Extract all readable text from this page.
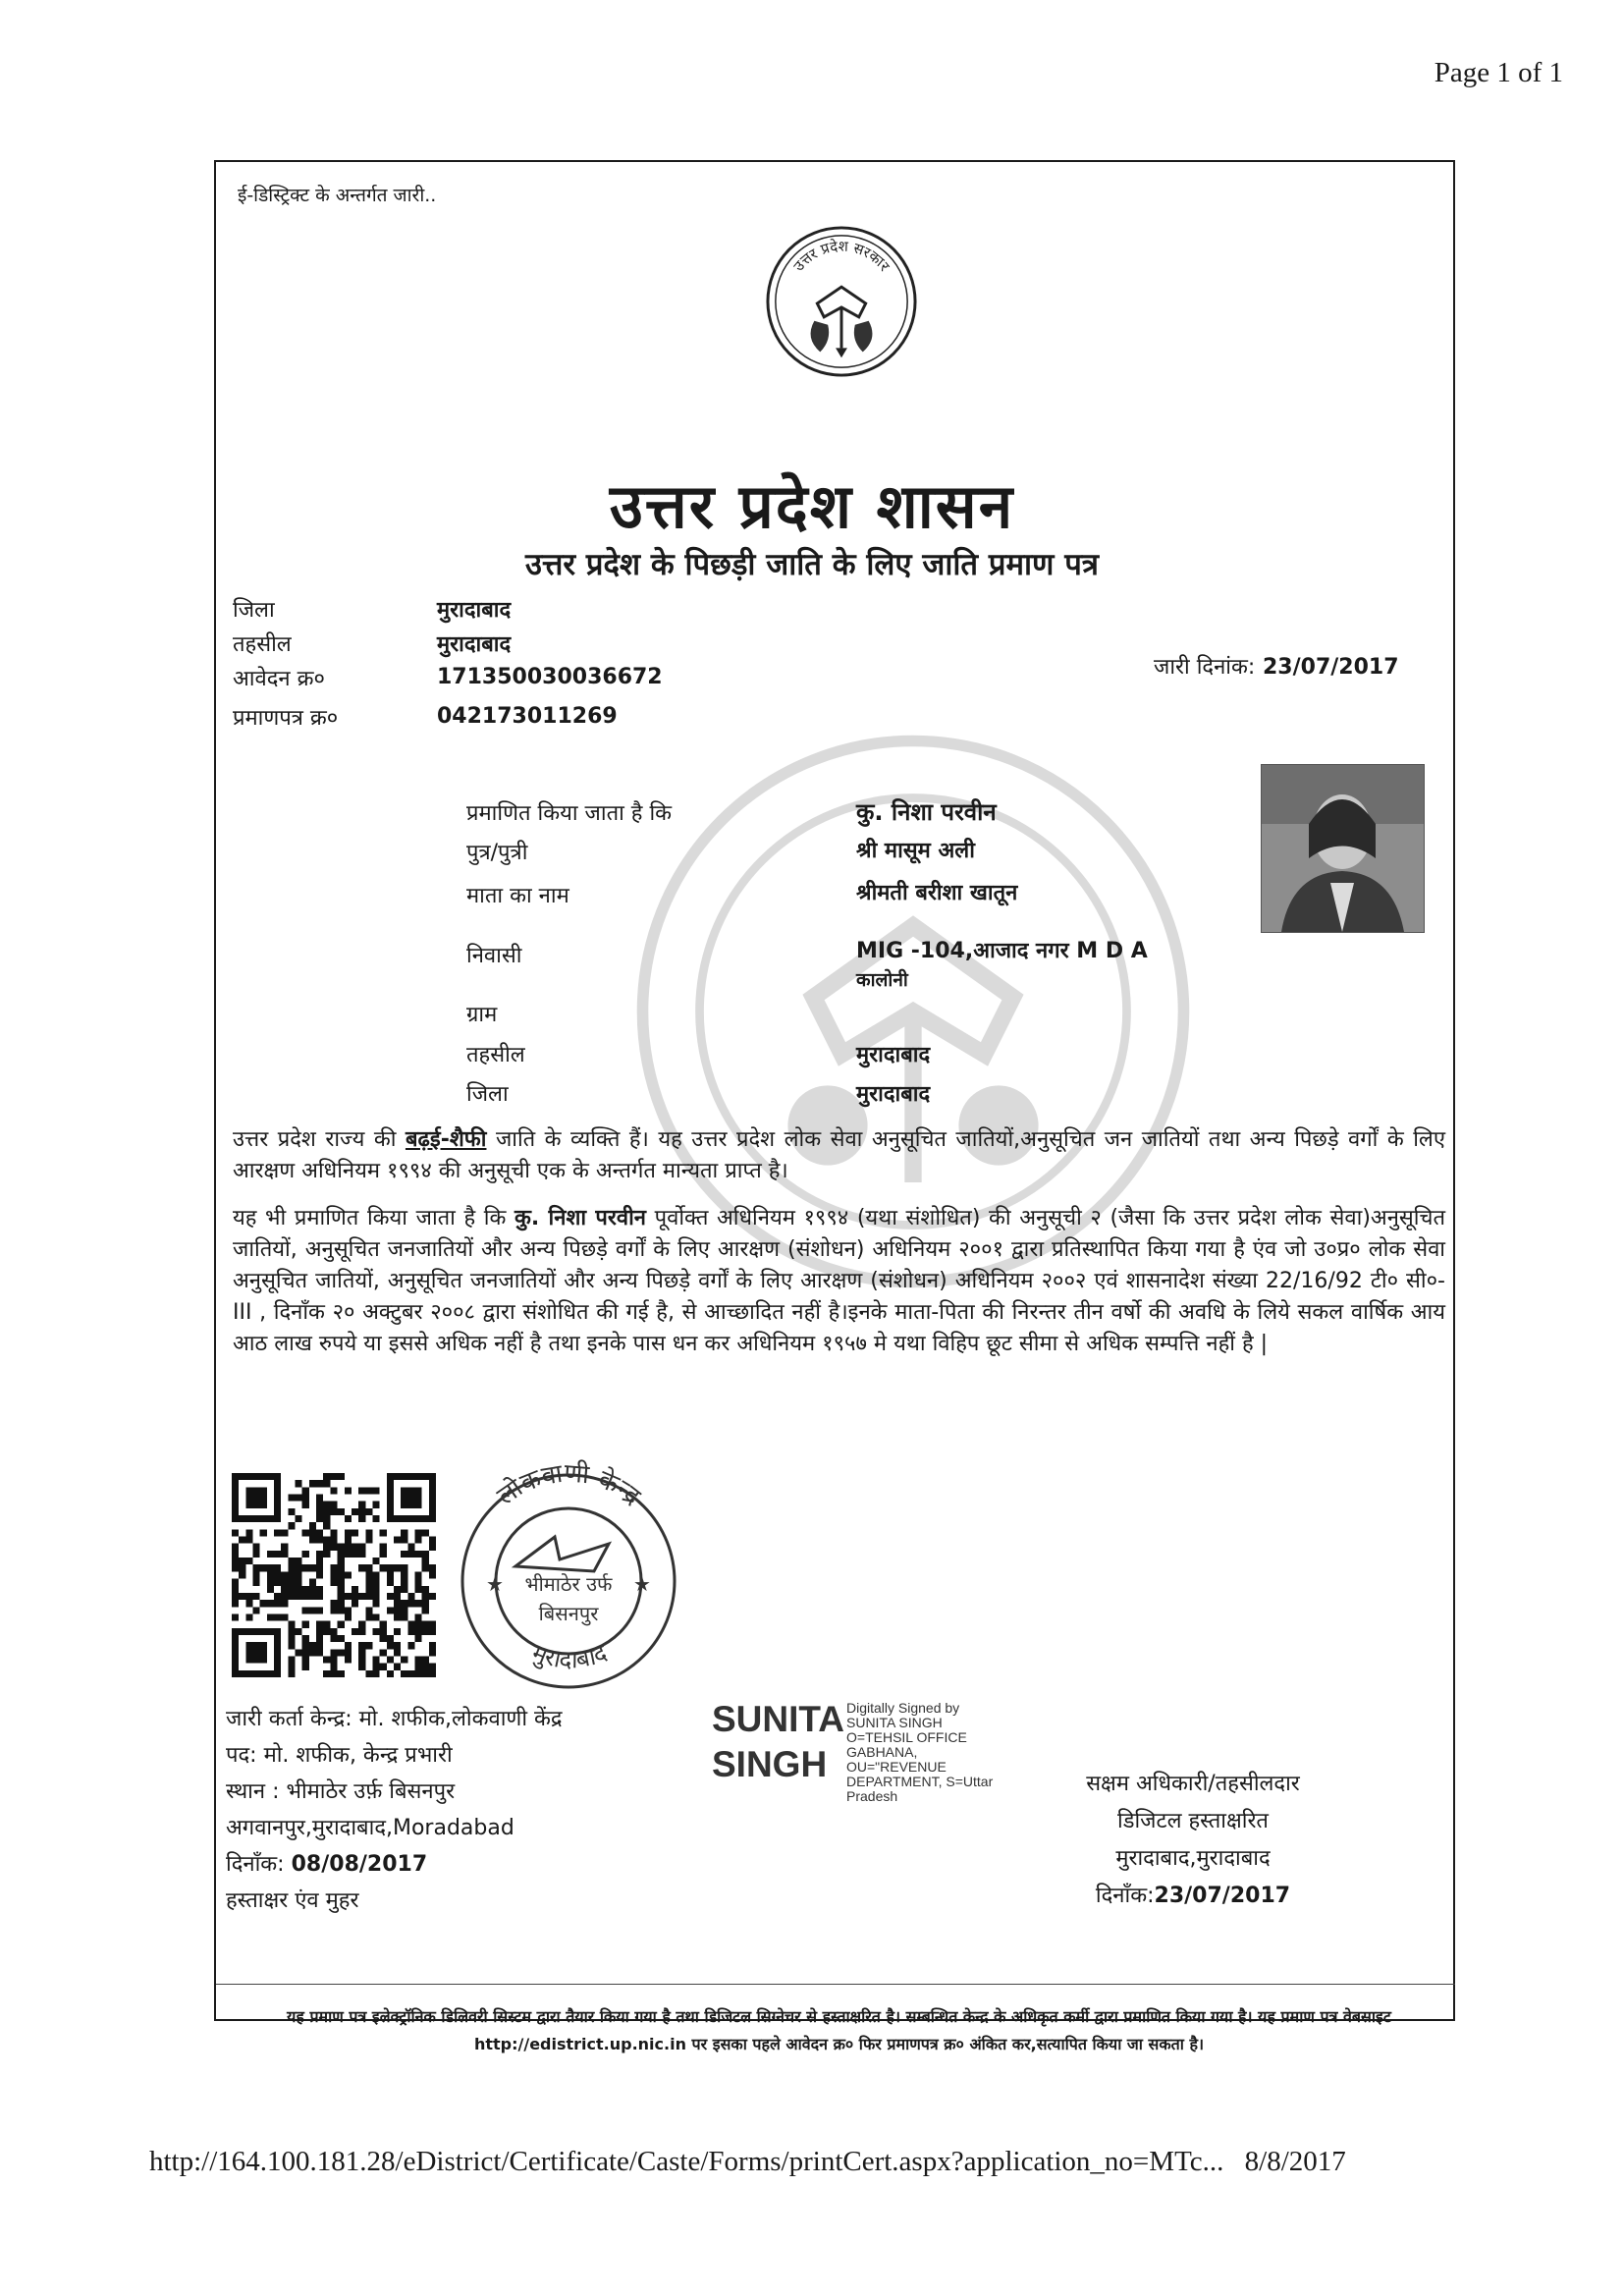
Page 1 of 1
ई-डिस्ट्रिक्ट के अन्तर्गत जारी..
उत्तर प्रदेश सरकार
उत्तर प्रदेश शासन
उत्तर प्रदेश के पिछड़ी जाति के लिए जाति प्रमाण पत्र
जिला	मुरादाबाद
तहसील	मुरादाबाद
आवेदन क्र०	171350030036672
प्रमाणपत्र क्र०	042173011269
जारी दिनांक: 23/07/2017
प्रमाणित किया जाता है कि	कु. निशा परवीन
पुत्र/पुत्री	श्री मासूम अली
माता का नाम	श्रीमती बरीशा खातून
निवासी	MIG -104,आजाद नगर M D A
कालोनी
ग्राम
तहसील	मुरादाबाद
जिला	मुरादाबाद
उत्तर प्रदेश राज्य की बढ़ई-शैफी जाति के व्यक्ति हैं। यह उत्तर प्रदेश लोक सेवा अनुसूचित जातियों,अनुसूचित जन जातियों तथा अन्य पिछड़े वर्गों के लिए आरक्षण अधिनियम १९९४ की अनुसूची एक के अन्तर्गत मान्यता प्राप्त है।
यह भी प्रमाणित किया जाता है कि कु. निशा परवीन पूर्वोक्त अधिनियम १९९४ (यथा संशोधित) की अनुसूची २ (जैसा कि उत्तर प्रदेश लोक सेवा)अनुसूचित जातियों, अनुसूचित जनजातियों और अन्य पिछड़े वर्गों के लिए आरक्षण (संशोधन) अधिनियम २००१ द्वारा प्रतिस्थापित किया गया है एंव जो उ०प्र० लोक सेवा अनुसूचित जातियों, अनुसूचित जनजातियों और अन्य पिछड़े वर्गों के लिए आरक्षण (संशोधन) अधिनियम २००२ एवं शासनादेश संख्या 22/16/92 टी० सी०-III , दिनाँक २० अक्टुबर २००८ द्वारा संशोधित की गई है, से आच्छादित नहीं है।इनके माता-पिता की निरन्तर तीन वर्षो की अवधि के लिये सकल वार्षिक आय आठ लाख रुपये या इससे अधिक नहीं है तथा इनके पास धन कर अधिनियम १९५७ मे यथा विहिप छूट सीमा से अधिक सम्पत्ति नहीं है |
लोकवाणी केन्द्र
मुरादाबाद
भीमाठेर उर्फ
बिसनपुर
★	★
जारी कर्ता केन्द्र: मो. शफीक,लोकवाणी केंद्र
पद: मो. शफीक, केन्द्र प्रभारी
स्थान : भीमाठेर उर्फ़ बिसनपुर
अगवानपुर,मुरादाबाद,Moradabad
दिनाँक: 08/08/2017
हस्ताक्षर एंव मुहर
SUNITA
SINGH
Digitally Signed by
SUNITA SINGH
O=TEHSIL OFFICE
GABHANA,
OU="REVENUE
DEPARTMENT, S=Uttar
Pradesh	सक्षम अधिकारी/तहसीलदार
डिजिटल हस्ताक्षरित
मुरादाबाद,मुरादाबाद
दिनाँक:23/07/2017
यह प्रमाण पत्र इलेक्ट्रॉनिक डिलिवरी सिस्टम द्वारा तैयार किया गया है तथा डिजिटल सिग्नेचर से हस्ताक्षरित है। सम्बन्धित केन्द्र के अधिकृत कर्मी द्वारा प्रमाणित किया गया है। यह प्रमाण पत्र वेबसाइट http://edistrict.up.nic.in पर इसका पहले आवेदन क्र० फिर प्रमाणपत्र क्र० अंकित कर,सत्यापित किया जा सकता है।
http://164.100.181.28/eDistrict/Certificate/Caste/Forms/printCert.aspx?application_no=MTc... 8/8/2017
